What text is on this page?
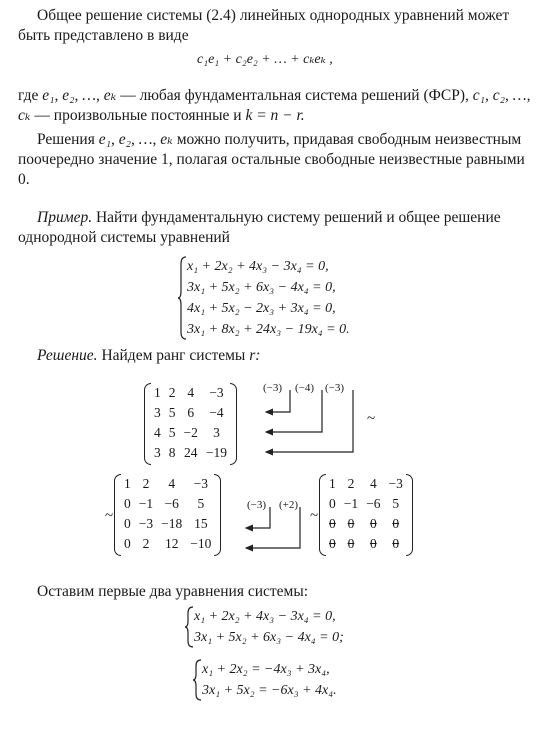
Общее решение системы (2.4) линейных однородных уравнений может быть представлено в виде

c₁e₁ + c₂e₂ + … + cₖeₖ ,

где e₁, e₂, …, eₖ — любая фундаментальная система решений (ФСР), c₁, c₂, …, cₖ — произвольные постоянные и k = n − r.

Решения e₁, e₂, …, eₖ можно получить, придавая свободным неизвестным поочередно значение 1, полагая остальные свободные неизвестные равными 0.

Пример. Найти фундаментальную систему решений и общее решение однородной системы уравнений

x₁ + 2x₂ + 4x₃ − 3x₄ = 0,
3x₁ + 5x₂ + 6x₃ − 4x₄ = 0,
4x₁ + 5x₂ − 2x₃ + 3x₄ = 0,
3x₁ + 8x₂ + 24x₃ − 19x₄ = 0.

Решение. Найдем ранг системы r:

1	2	4	−3
3	5	6	−4
4	5	−2	3
3	8	24	−19
(−3) (−4) (−3)
~
~
1	2	4	−3
0	−1	−6	5
0	−3	−18	15
0	2	12	−10
(−3) (+2)
~
1	2	4	−3
0	−1	−6	5
0	0	0	0
0	0	0	0

Оставим первые два уравнения системы:

x₁ + 2x₂ + 4x₃ − 3x₄ = 0,
3x₁ + 5x₂ + 6x₃ − 4x₄ = 0;
x₁ + 2x₂ = −4x₃ + 3x₄,
3x₁ + 5x₂ = −6x₃ + 4x₄.
